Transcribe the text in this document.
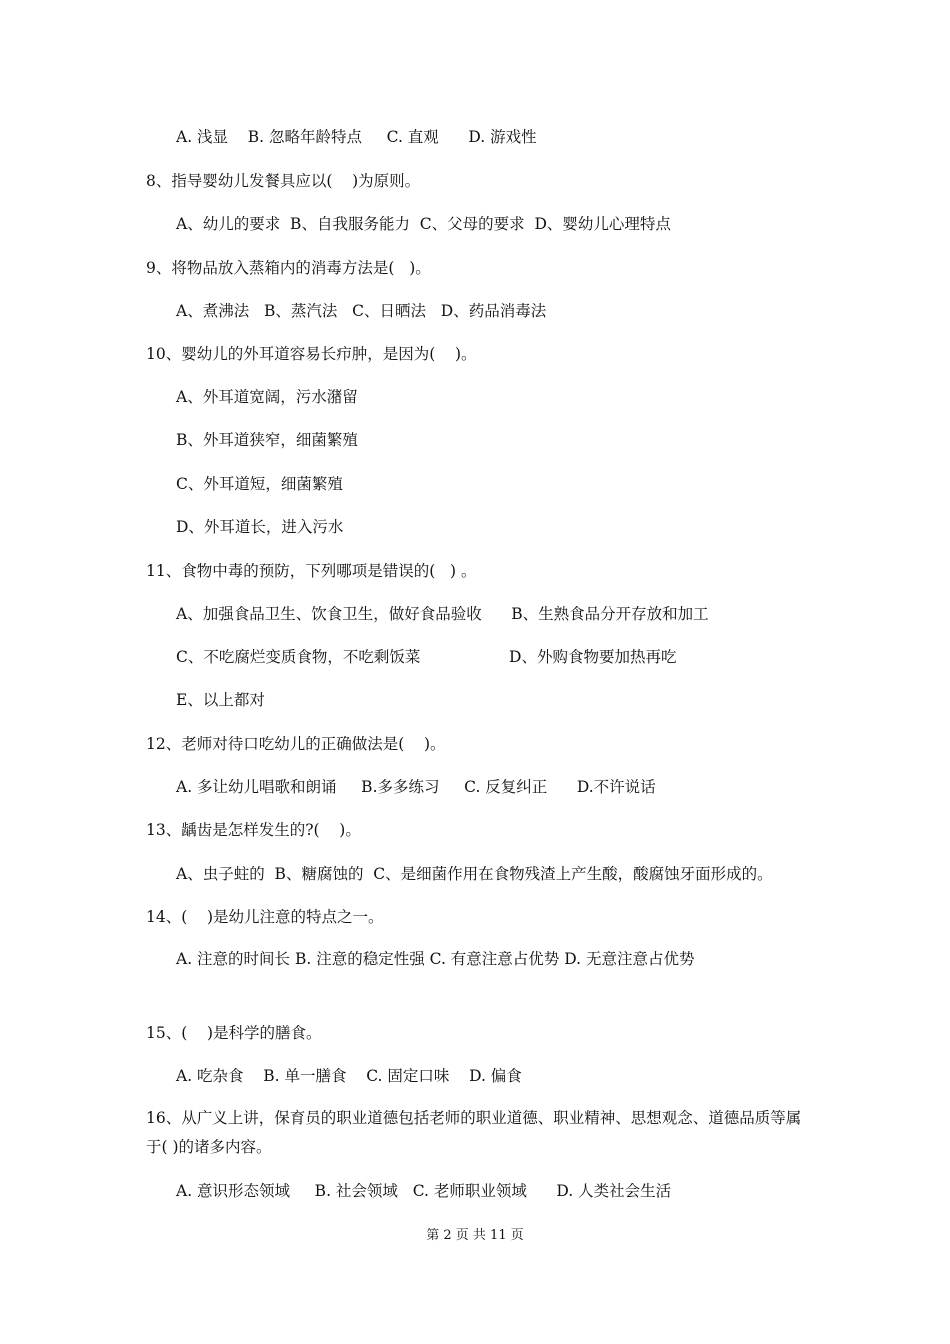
A. 浅显    B. 忽略年龄特点     C. 直观      D. 游戏性
8、指导婴幼儿发餐具应以(    )为原则。
A、幼儿的要求  B、自我服务能力  C、父母的要求  D、婴幼儿心理特点
9、将物品放入蒸箱内的消毒方法是(   )。
A、煮沸法   B、蒸汽法   C、日晒法   D、药品消毒法
10、婴幼儿的外耳道容易长疖肿，是因为(    )。
A、外耳道宽阔，污水潴留
B、外耳道狭窄，细菌繁殖
C、外耳道短，细菌繁殖
D、外耳道长，进入污水
11、食物中毒的预防，下列哪项是错误的(   ) 。
A、加强食品卫生、饮食卫生，做好食品验收      B、生熟食品分开存放和加工
C、不吃腐烂变质食物，不吃剩饭菜                  D、外购食物要加热再吃
E、以上都对
12、老师对待口吃幼儿的正确做法是(    )。
A. 多让幼儿唱歌和朗诵     B.多多练习     C. 反复纠正      D.不许说话
13、龋齿是怎样发生的?(    )。
A、虫子蛀的  B、糖腐蚀的  C、是细菌作用在食物残渣上产生酸，酸腐蚀牙面形成的。
14、(    )是幼儿注意的特点之一。
A. 注意的时间长 B. 注意的稳定性强 C. 有意注意占优势 D. 无意注意占优势
15、(    )是科学的膳食。
A. 吃杂食    B. 单一膳食    C. 固定口味    D. 偏食
16、从广义上讲，保育员的职业道德包括老师的职业道德、职业精神、思想观念、道德品质等属于( )的诸多内容。
A. 意识形态领域     B. 社会领域   C. 老师职业领域      D. 人类社会生活
第 2 页 共 11 页
